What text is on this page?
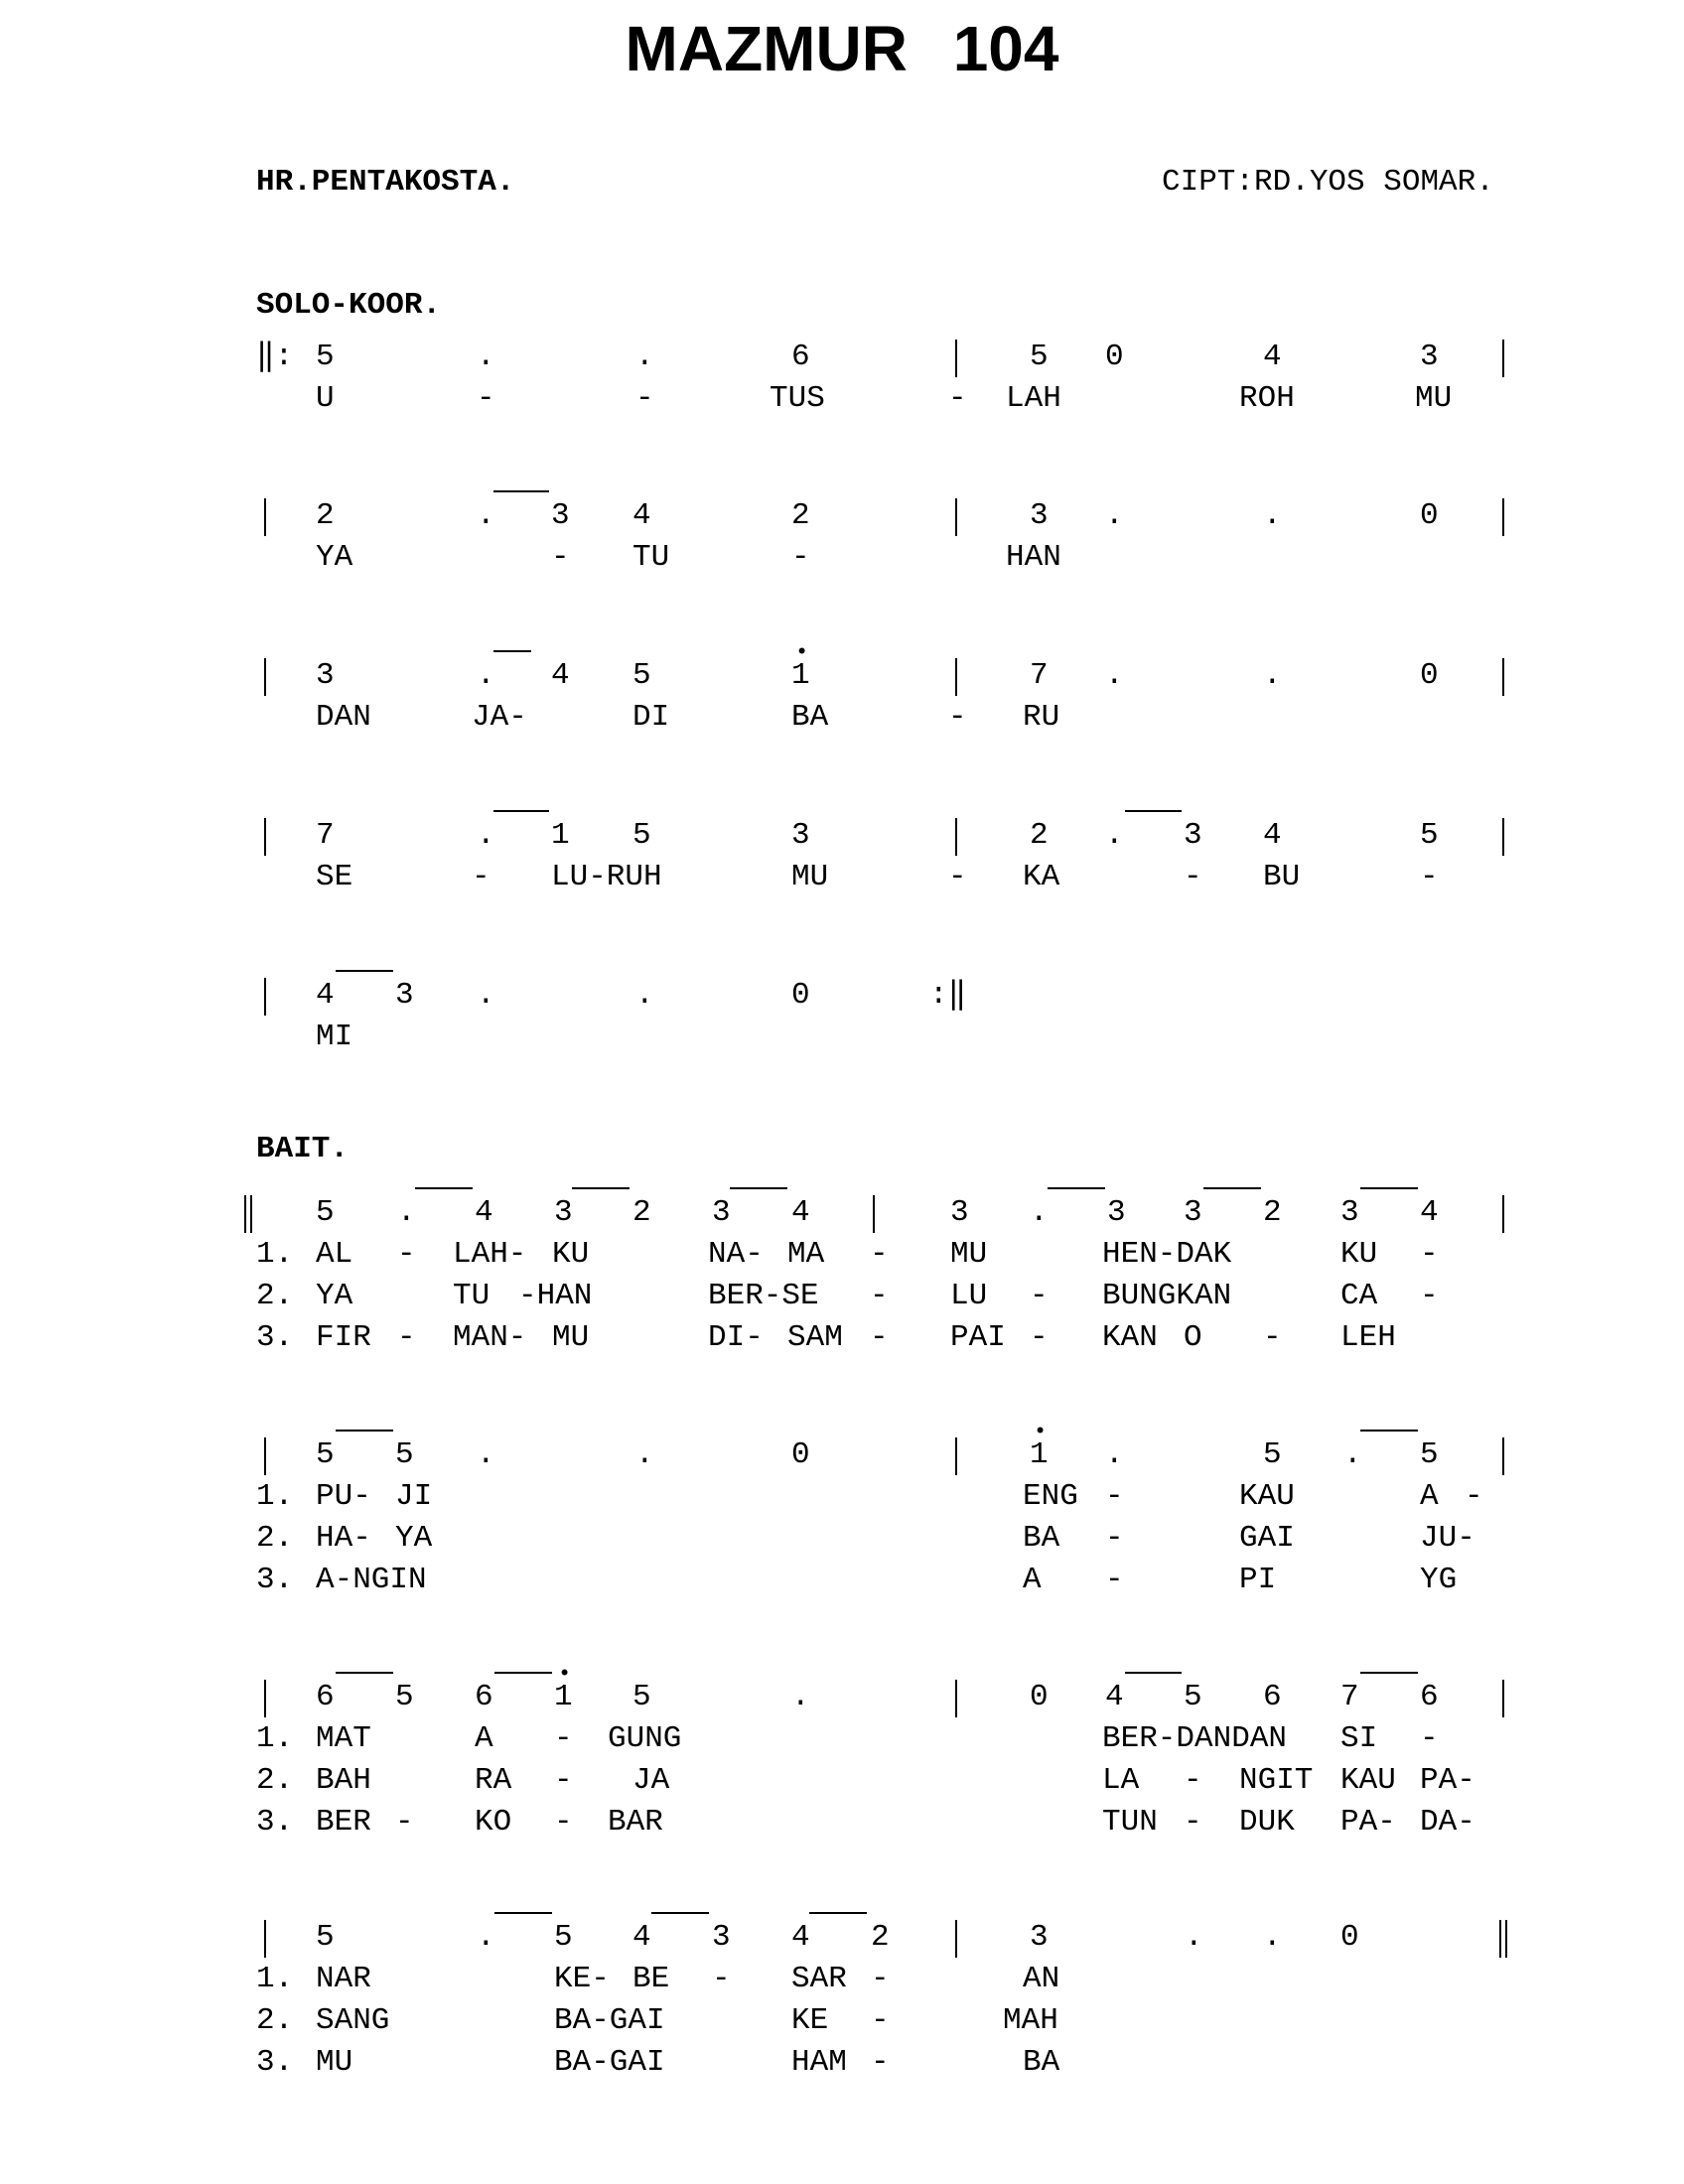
MAZMUR 104
HR.PENTAKOSTA.	CIPT:RD.YOS SOMAR.
SOLO-KOOR.
BAIT.
‖: 5	.	.	6	5 0	4	3
U	-	-	TUS	- LAH	ROH	MU
2	. 3 4	2	3 .	.	0
YA	- TU	-	HAN
3	. 4 5	1	7 .	.	0
DAN	JA-	DI	BA	- RU
•
7	. 1 5	3	2 . 3 4	5
SE	- LU-RUH	MU	- KA	- BU	-
4 3 .	.	0
MI
:‖
5 . 4 3 2 3 4	3 . 3 3 2 3 4
1. AL - LAH- KU	NA- MA - MU	HEN-DAK	KU -
2. YA	TU -HAN	BER-SE - LU - BUNGKAN	CA -
3. FIR - MAN- MU	DI- SAM - PAI - KAN O - LEH
5 5 .	.	0	1 .	5 . 5
•
1. PU- JI	ENG -	KAU	A -
2. HA- YA	BA -	GAI	JU-
3. A-NGIN	A -	PI	YG
6 5 6 1 5	.	0 4 5 6 7 6
•
1. MAT	A - GUNG	BER-DANDAN SI -
2. BAH	RA - JA	LA - NGIT KAU PA-
3. BER - KO - BAR	TUN - DUK PA- DA-
5	. 5 4 3 4 2	3	. . 0
1. NAR	KE- BE - SAR -	AN
2. SANG	BA-GAI	KE -	MAH
3. MU	BA-GAI	HAM -	BA
